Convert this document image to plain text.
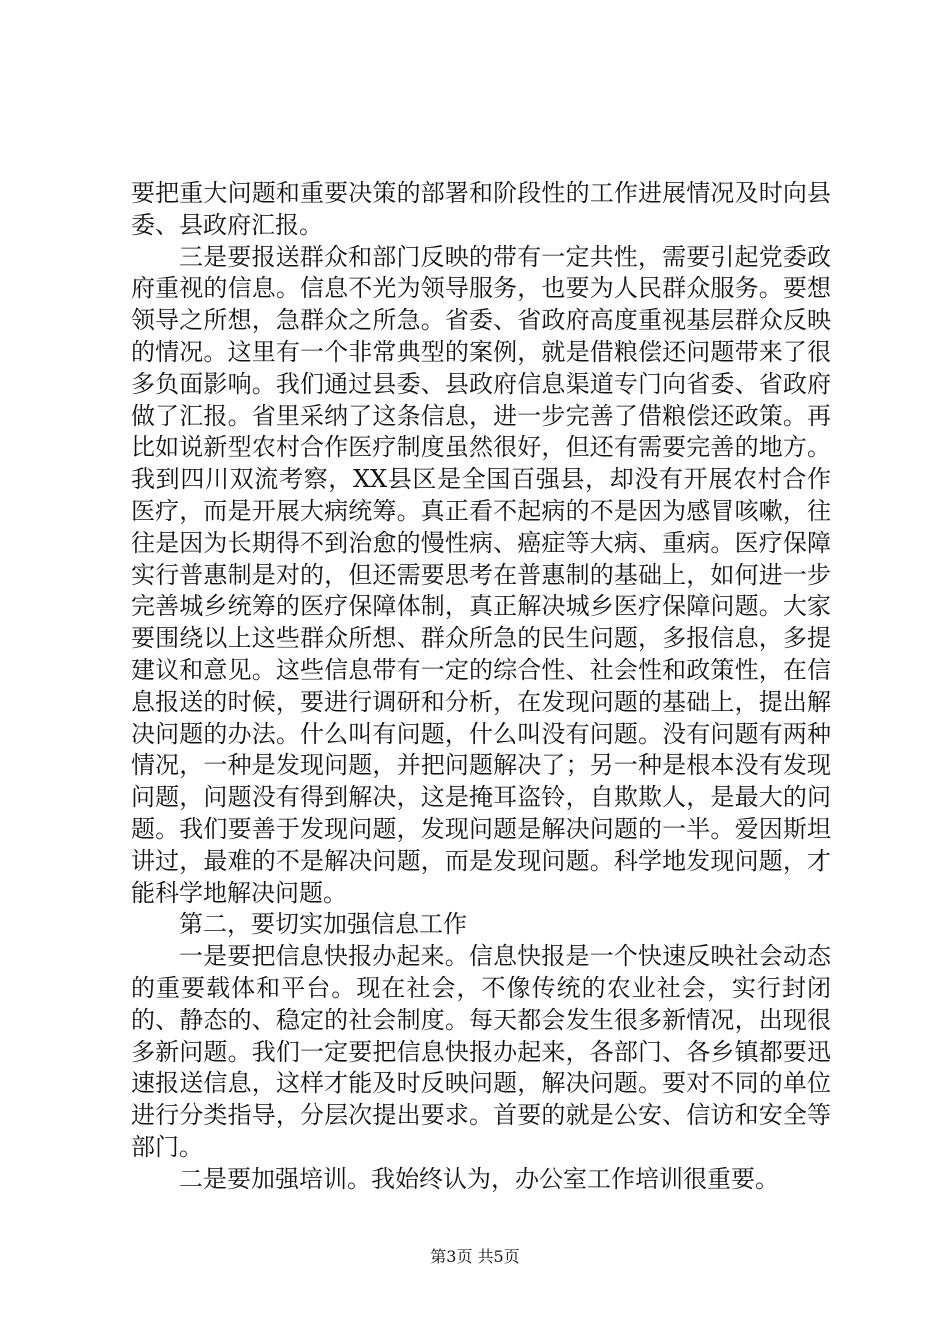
要把重大问题和重要决策的部署和阶段性的工作进展情况及时向县委、县政府汇报。

三是要报送群众和部门反映的带有一定共性，需要引起党委政府重视的信息。信息不光为领导服务，也要为人民群众服务。要想领导之所想，急群众之所急。省委、省政府高度重视基层群众反映的情况。这里有一个非常典型的案例，就是借粮偿还问题带来了很多负面影响。我们通过县委、县政府信息渠道专门向省委、省政府做了汇报。省里采纳了这条信息，进一步完善了借粮偿还政策。再比如说新型农村合作医疗制度虽然很好，但还有需要完善的地方。我到四川双流考察，XX县区是全国百强县，却没有开展农村合作医疗，而是开展大病统筹。真正看不起病的不是因为感冒咳嗽，往往是因为长期得不到治愈的慢性病、癌症等大病、重病。医疗保障实行普惠制是对的，但还需要思考在普惠制的基础上，如何进一步完善城乡统筹的医疗保障体制，真正解决城乡医疗保障问题。大家要围绕以上这些群众所想、群众所急的民生问题，多报信息，多提建议和意见。这些信息带有一定的综合性、社会性和政策性，在信息报送的时候，要进行调研和分析，在发现问题的基础上，提出解决问题的办法。什么叫有问题，什么叫没有问题。没有问题有两种情况，一种是发现问题，并把问题解决了；另一种是根本没有发现问题，问题没有得到解决，这是掩耳盗铃，自欺欺人，是最大的问题。我们要善于发现问题，发现问题是解决问题的一半。爱因斯坦讲过，最难的不是解决问题，而是发现问题。科学地发现问题，才能科学地解决问题。

第二，要切实加强信息工作

一是要把信息快报办起来。信息快报是一个快速反映社会动态的重要载体和平台。现在社会，不像传统的农业社会，实行封闭的、静态的、稳定的社会制度。每天都会发生很多新情况，出现很多新问题。我们一定要把信息快报办起来，各部门、各乡镇都要迅速报送信息，这样才能及时反映问题，解决问题。要对不同的单位进行分类指导，分层次提出要求。首要的就是公安、信访和安全等部门。

二是要加强培训。我始终认为，办公室工作培训很重要。

第3页 共5页
